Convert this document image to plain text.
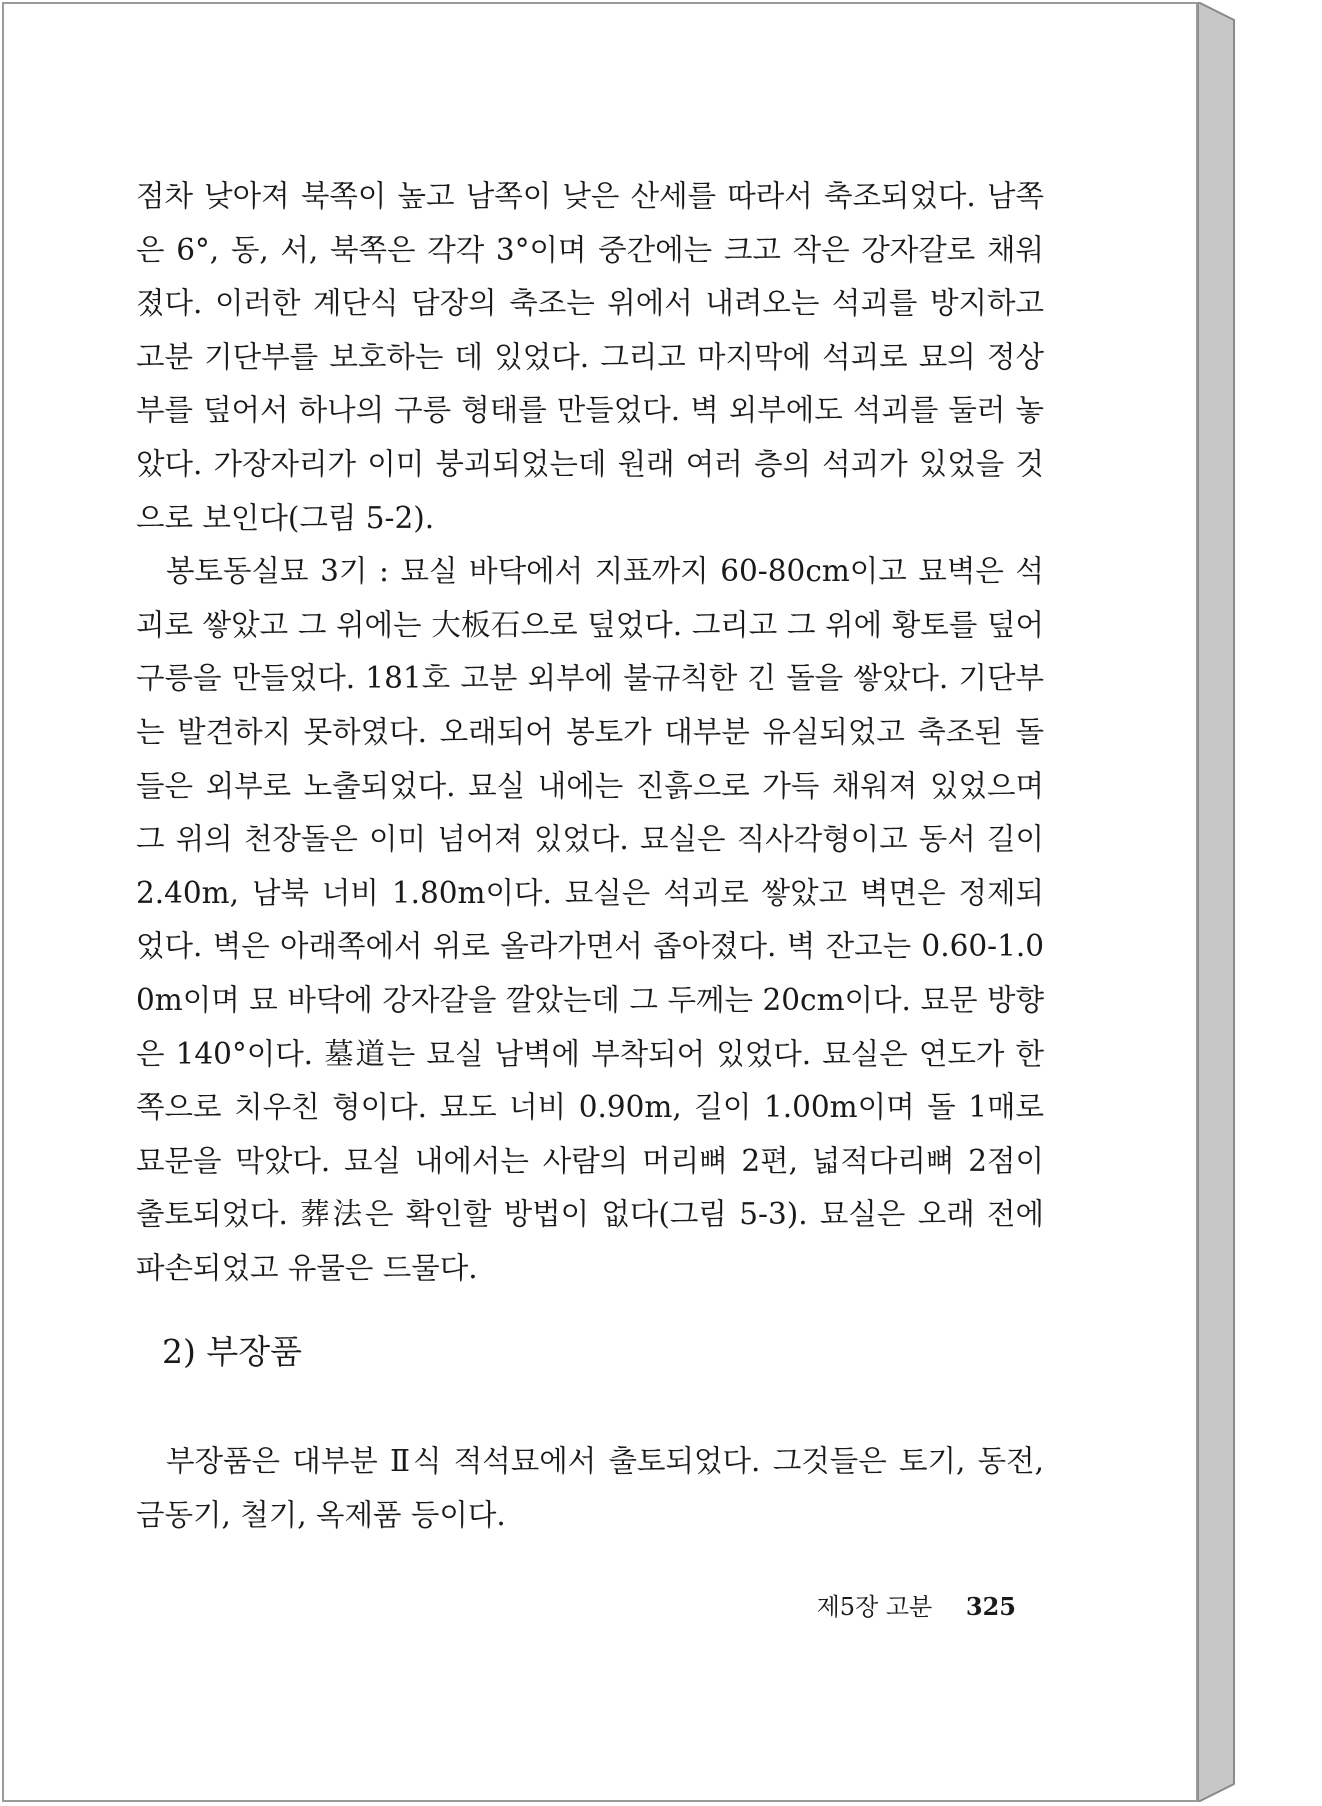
점차 낮아져 북쪽이 높고 남쪽이 낮은 산세를 따라서 축조되었다. 남쪽은 6°, 동, 서, 북쪽은 각각 3°이며 중간에는 크고 작은 강자갈로 채워졌다. 이러한 계단식 담장의 축조는 위에서 내려오는 석괴를 방지하고 고분 기단부를 보호하는 데 있었다. 그리고 마지막에 석괴로 묘의 정상부를 덮어서 하나의 구릉 형태를 만들었다. 벽 외부에도 석괴를 둘러 놓았다. 가장자리가 이미 붕괴되었는데 원래 여러 층의 석괴가 있었을 것으로 보인다(그림 5-2).

봉토동실묘 3기 : 묘실 바닥에서 지표까지 60-80cm이고 묘벽은 석괴로 쌓았고 그 위에는 大板石으로 덮었다. 그리고 그 위에 황토를 덮어 구릉을 만들었다. 181호 고분 외부에 불규칙한 긴 돌을 쌓았다. 기단부는 발견하지 못하였다. 오래되어 봉토가 대부분 유실되었고 축조된 돌들은 외부로 노출되었다. 묘실 내에는 진흙으로 가득 채워져 있었으며 그 위의 천장돌은 이미 넘어져 있었다. 묘실은 직사각형이고 동서 길이 2.40m, 남북 너비 1.80m이다. 묘실은 석괴로 쌓았고 벽면은 정제되었다. 벽은 아래쪽에서 위로 올라가면서 좁아졌다. 벽 잔고는 0.60-1.00m이며 묘 바닥에 강자갈을 깔았는데 그 두께는 20cm이다. 묘문 방향은 140°이다. 墓道는 묘실 남벽에 부착되어 있었다. 묘실은 연도가 한쪽으로 치우친 형이다. 묘도 너비 0.90m, 길이 1.00m이며 돌 1매로 묘문을 막았다. 묘실 내에서는 사람의 머리뼈 2편, 넓적다리뼈 2점이 출토되었다. 葬法은 확인할 방법이 없다(그림 5-3). 묘실은 오래 전에 파손되었고 유물은 드물다.

2) 부장품

부장품은 대부분 Ⅱ식 적석묘에서 출토되었다. 그것들은 토기, 동전, 금동기, 철기, 옥제품 등이다.

제5장 고분 325
